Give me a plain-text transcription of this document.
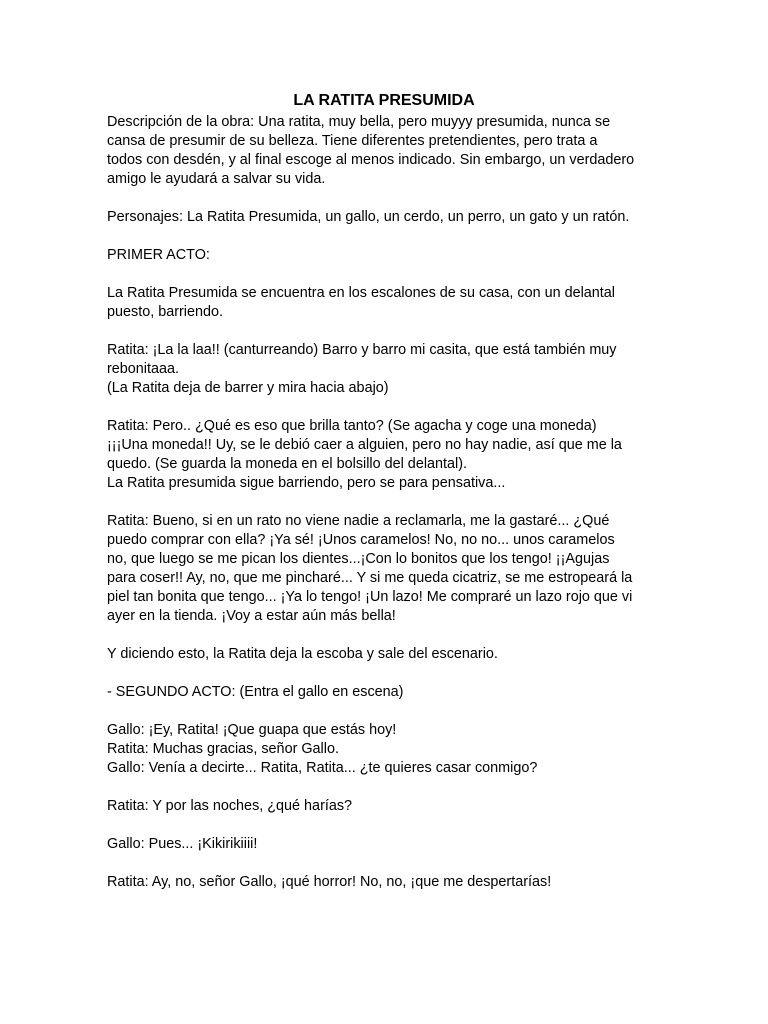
LA RATITA PRESUMIDA
Descripción de la obra: Una ratita, muy bella, pero muyyy presumida, nunca se
cansa de presumir de su belleza. Tiene diferentes pretendientes, pero trata a
todos con desdén, y al final escoge al menos indicado. Sin embargo, un verdadero
amigo le ayudará a salvar su vida.
Personajes: La Ratita Presumida, un gallo, un cerdo, un perro, un gato y un ratón.
PRIMER ACTO:
La Ratita Presumida se encuentra en los escalones de su casa, con un delantal
puesto, barriendo.
Ratita: ¡La la laa!! (canturreando) Barro y barro mi casita, que está también muy
rebonitaaa.
(La Ratita deja de barrer y mira hacia abajo)
Ratita: Pero.. ¿Qué es eso que brilla tanto? (Se agacha y coge una moneda)
¡¡¡Una moneda!! Uy, se le debió caer a alguien, pero no hay nadie, así que me la
quedo. (Se guarda la moneda en el bolsillo del delantal).
La Ratita presumida sigue barriendo, pero se para pensativa...
Ratita: Bueno, si en un rato no viene nadie a reclamarla, me la gastaré... ¿Qué
puedo comprar con ella? ¡Ya sé! ¡Unos caramelos! No, no no... unos caramelos
no, que luego se me pican los dientes...¡Con lo bonitos que los tengo! ¡¡Agujas
para coser!! Ay, no, que me pincharé... Y si me queda cicatriz, se me estropeará la
piel tan bonita que tengo... ¡Ya lo tengo! ¡Un lazo! Me compraré un lazo rojo que vi
ayer en la tienda. ¡Voy a estar aún más bella!
Y diciendo esto, la Ratita deja la escoba y sale del escenario.
- SEGUNDO ACTO: (Entra el gallo en escena)
Gallo: ¡Ey, Ratita! ¡Que guapa que estás hoy!
Ratita: Muchas gracias, señor Gallo.
Gallo: Venía a decirte... Ratita, Ratita... ¿te quieres casar conmigo?
Ratita: Y por las noches, ¿qué harías?
Gallo: Pues... ¡Kikirikiiii!
Ratita: Ay, no, señor Gallo, ¡qué horror! No, no, ¡que me despertarías!
